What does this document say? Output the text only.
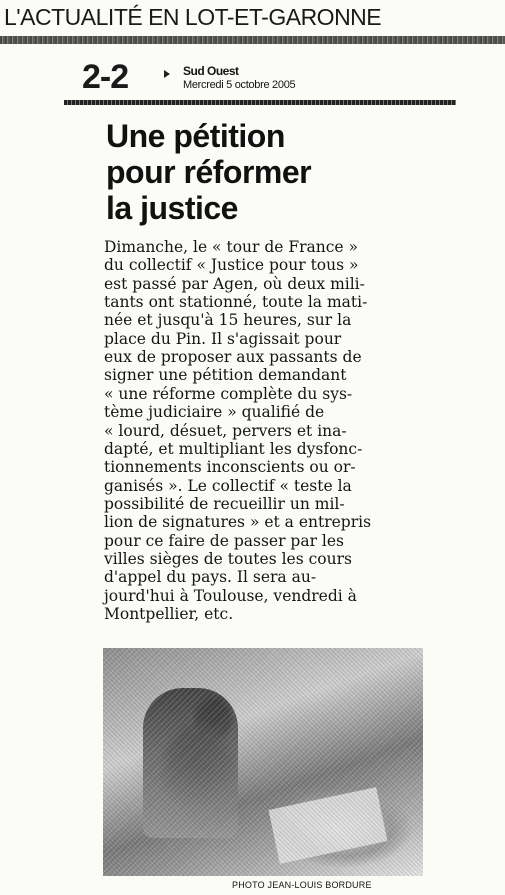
L'ACTUALITÉ EN LOT-ET-GARONNE
2-2	Sud Ouest
Mercredi 5 octobre 2005
Une pétition
pour réformer
la justice

Dimanche, le « tour de France »

du collectif « Justice pour tous »

est passé par Agen, où deux mili-

tants ont stationné, toute la mati-

née et jusqu'à 15 heures, sur la

place du Pin. Il s'agissait pour

eux de proposer aux passants de

signer une pétition demandant

« une réforme complète du sys-

tème judiciaire » qualifié de

« lourd, désuet, pervers et ina-

dapté, et multipliant les dysfonc-

tionnements inconscients ou or-

ganisés ». Le collectif « teste la

possibilité de recueillir un mil-

lion de signatures » et a entrepris

pour ce faire de passer par les

villes sièges de toutes les cours

d'appel du pays. Il sera au-

jourd'hui à Toulouse, vendredi à

Montpellier, etc.

PHOTO JEAN-LOUIS BORDURE
